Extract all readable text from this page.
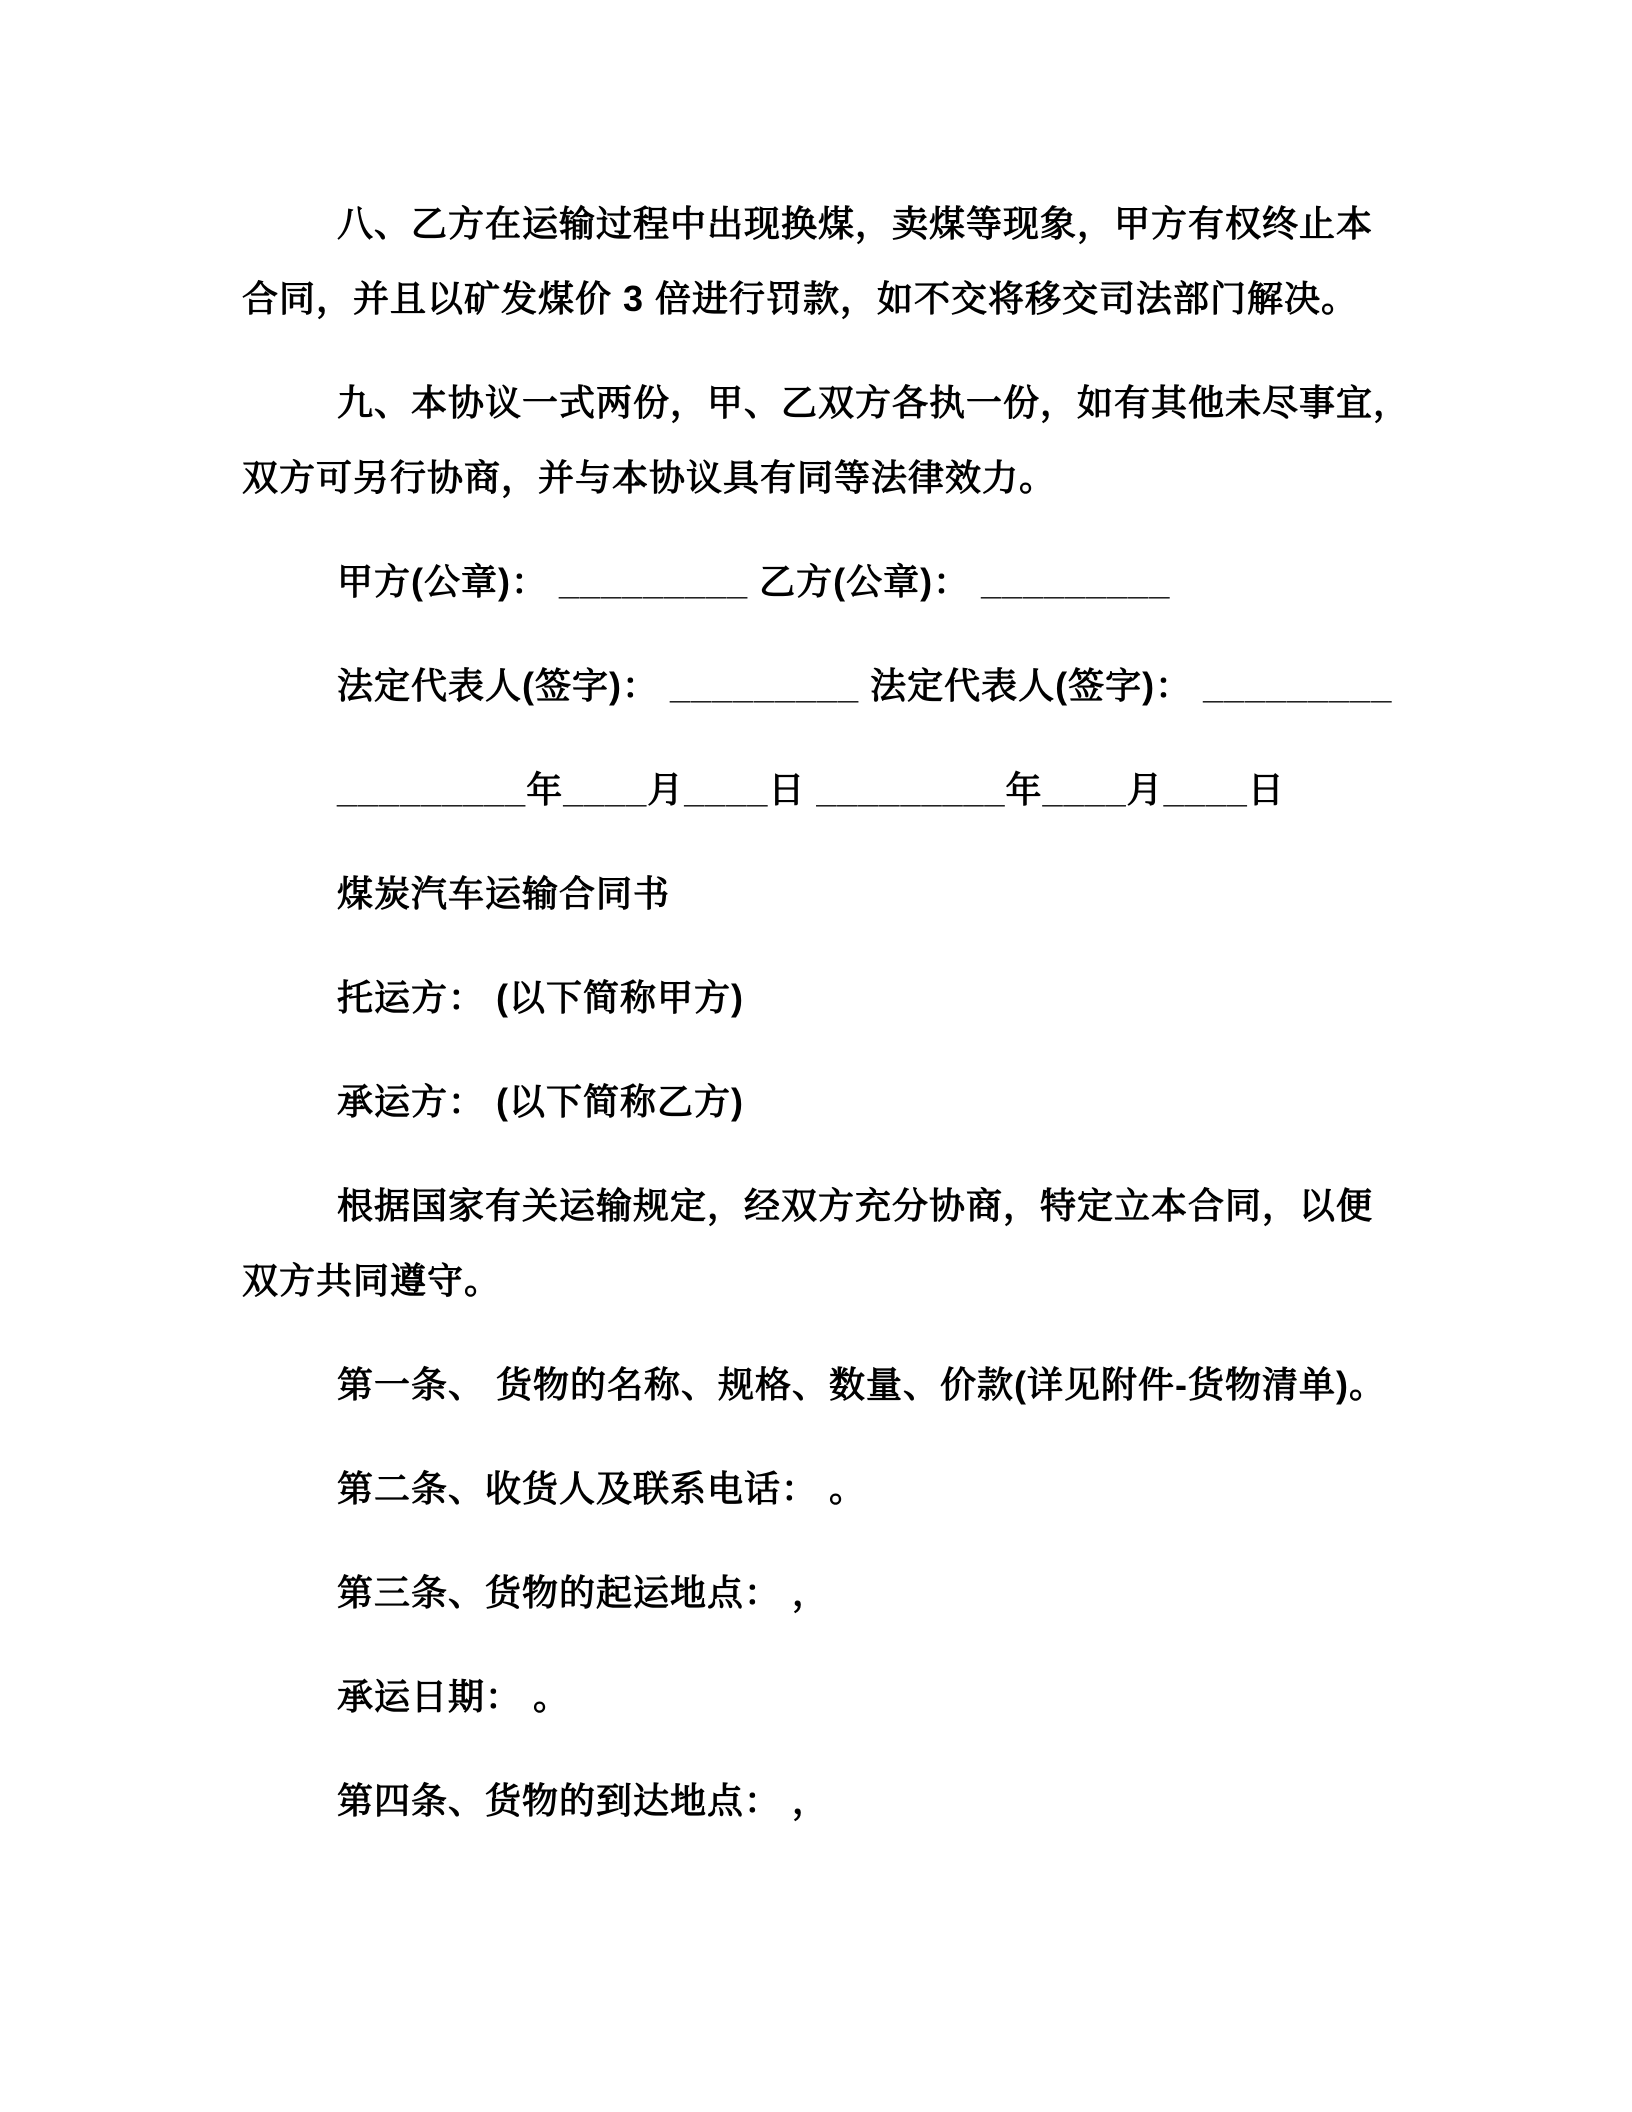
八、乙方在运输过程中出现换煤，卖煤等现象，甲方有权终止本
合同，并且以矿发煤价 3 倍进行罚款，如不交将移交司法部门解决。

九、本协议一式两份，甲、乙双方各执一份，如有其他未尽事宜，
双方可另行协商，并与本协议具有同等法律效力。

甲方(公章)： _________ 乙方(公章)： _________

法定代表人(签字)： _________ 法定代表人(签字)： _________

_________年____月____日 _________年____月____日

煤炭汽车运输合同书

托运方： (以下简称甲方)

承运方： (以下简称乙方)

根据国家有关运输规定，经双方充分协商，特定立本合同，以便
双方共同遵守。

第一条、 货物的名称、规格、数量、价款(详见附件-货物清单)。

第二条、收货人及联系电话： 。

第三条、货物的起运地点： ，

承运日期： 。

第四条、货物的到达地点： ，
